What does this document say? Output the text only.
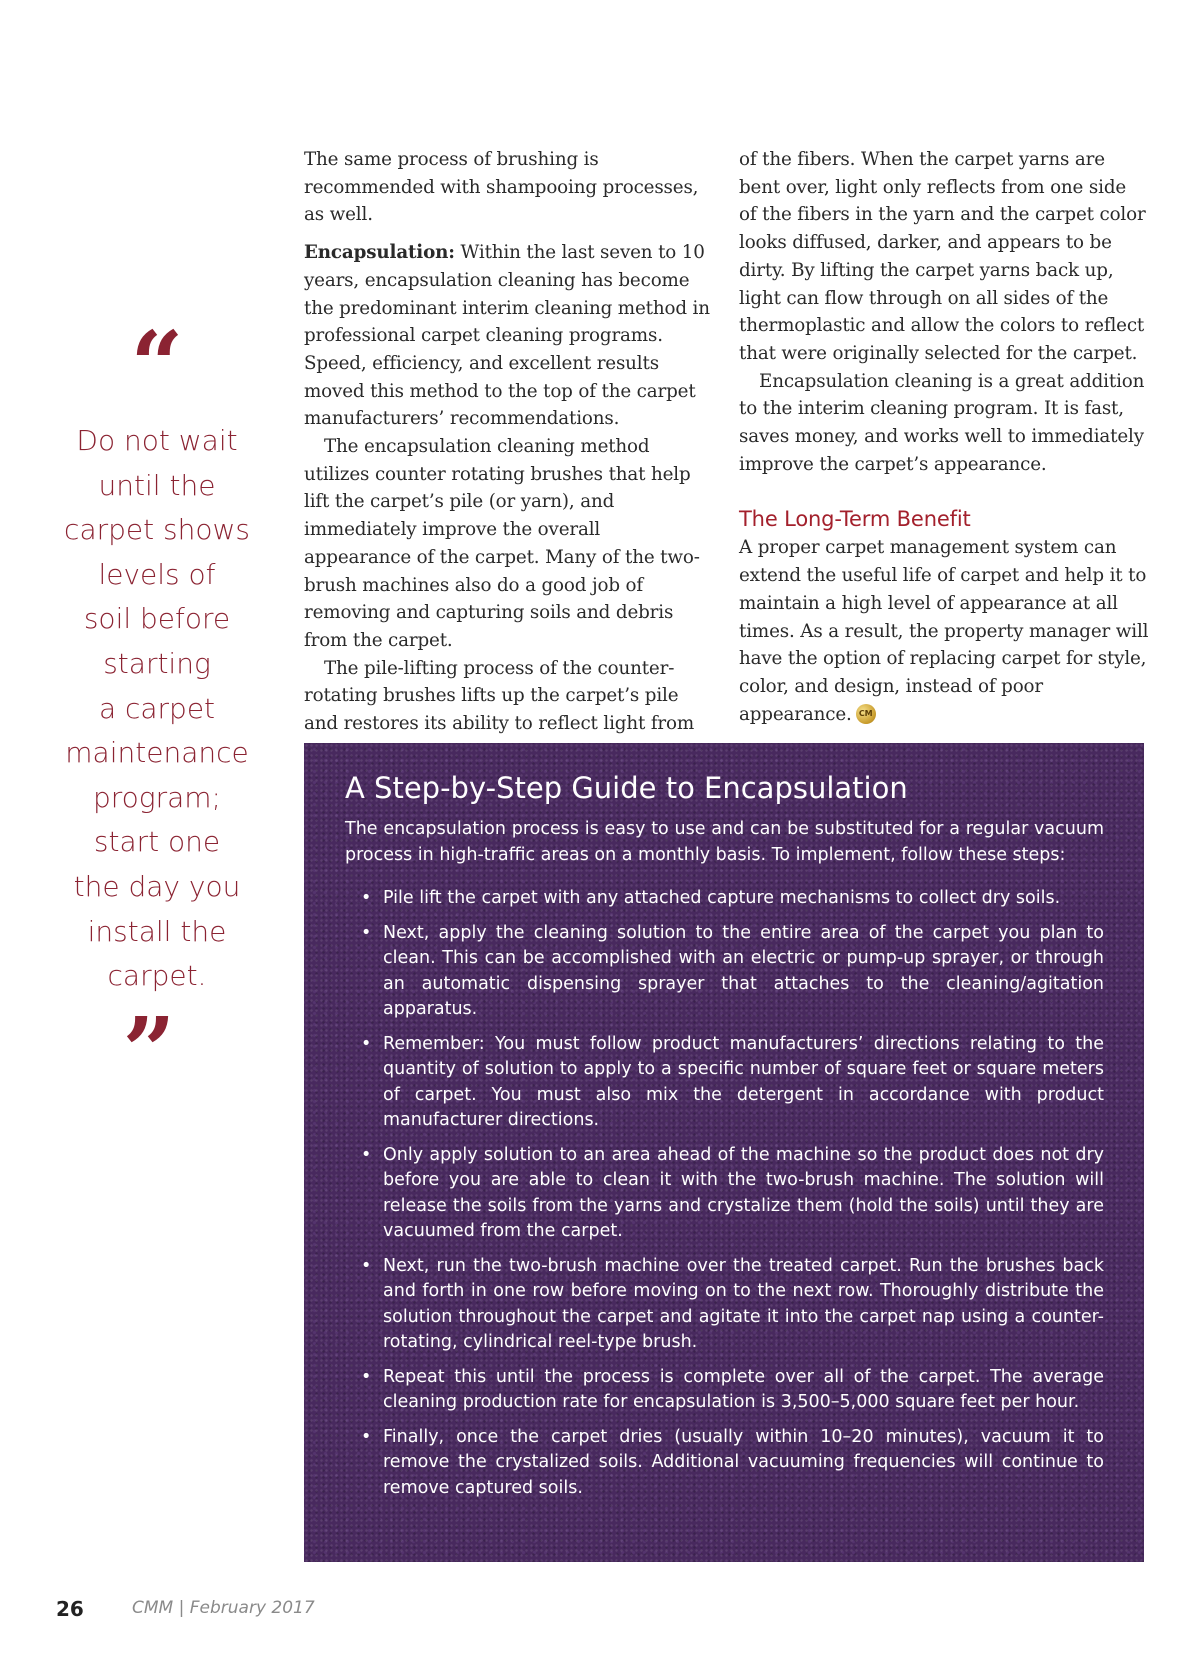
“
Do not wait
until the
carpet shows
levels of
soil before
starting
a carpet
maintenance
program;
start one
the day you
install the
carpet.
”

The same process of brushing is recommended with shampooing processes, as well.

Encapsulation: Within the last seven to 10 years, encapsulation cleaning has become the predominant interim cleaning method in professional carpet cleaning programs. Speed, efficiency, and excellent results moved this method to the top of the carpet manufacturers’ recommendations.

The encapsulation cleaning method utilizes counter rotating brushes that help lift the carpet’s pile (or yarn), and immediately improve the overall appearance of the carpet. Many of the two-brush machines also do a good job of removing and capturing soils and debris from the carpet.

The pile-lifting process of the counter-rotating brushes lifts up the carpet’s pile and restores its ability to reflect light from

of the fibers. When the carpet yarns are bent over, light only reflects from one side of the fibers in the yarn and the carpet color looks diffused, darker, and appears to be dirty. By lifting the carpet yarns back up, light can flow through on all sides of the thermoplastic and allow the colors to reflect that were originally selected for the carpet.

Encapsulation cleaning is a great addition to the interim cleaning program. It is fast, saves money, and works well to immediately improve the carpet’s appearance.

The Long-Term Benefit

A proper carpet management system can extend the useful life of carpet and help it to maintain a high level of appearance at all times. As a result, the property manager will have the option of replacing carpet for style, color, and design, instead of poor appearance. CM

A Step-by-Step Guide to Encapsulation

The encapsulation process is easy to use and can be substituted for a regular vacuum process in high-traffic areas on a monthly basis. To implement, follow these steps:

• Pile lift the carpet with any attached capture mechanisms to collect dry soils.
• Next, apply the cleaning solution to the entire area of the carpet you plan to clean. This can be accomplished with an electric or pump-up sprayer, or through an automatic dispensing sprayer that attaches to the cleaning/agitation apparatus.
• Remember: You must follow product manufacturers’ directions relating to the quantity of solution to apply to a specific number of square feet or square meters of carpet. You must also mix the detergent in accordance with product manufacturer directions.
• Only apply solution to an area ahead of the machine so the product does not dry before you are able to clean it with the two-brush machine. The solution will release the soils from the yarns and crystalize them (hold the soils) until they are vacuumed from the carpet.
• Next, run the two-brush machine over the treated carpet. Run the brushes back and forth in one row before moving on to the next row. Thoroughly distribute the solution throughout the carpet and agitate it into the carpet nap using a counter-rotating, cylindrical reel-type brush.
• Repeat this until the process is complete over all of the carpet. The average cleaning production rate for encapsulation is 3,500–5,000 square feet per hour.
• Finally, once the carpet dries (usually within 10–20 minutes), vacuum it to remove the crystalized soils. Additional vacuuming frequencies will continue to remove captured soils.
26	CMM | February 2017
